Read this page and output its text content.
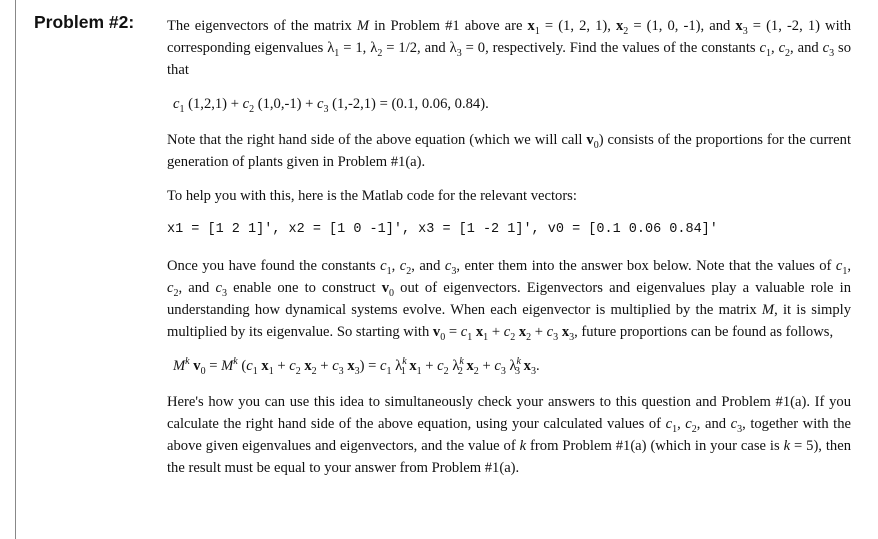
Problem #2: The eigenvectors of the matrix M in Problem #1 above are $x_1 = (1$, 2, 1), $x_2 = (1$, 0, -1), and $x_3 = (1$, -2, 1) with corresponding eigenvalues $\lambda_1 = 1$, $\lambda_2 = 1/2$, and $\lambda_3 = 0$, respectively. Find the values of the constants $c_1$, $c_2$, and $c_3$ so that
$c_1$ $(1,2,1) + c_2$ $(1,0,-1) + c_3$ (1,-2,1) = (0.1, 0.06, 0.84).
Note that the right hand side of the above equation (which we will call $v_0$) consists of the proportions for the current generation of plants given in Problem #1(a).
To help you with this, here is the Matlab code for the relevant vectors:
x1 = [1 2 1]', x2 = [1 0 -1]', x3 = [1 -2 1]', v0 = [0.1 0.06 0.84]'
Once you have found the constants $c_1$, $c_2$, and $c_3$, enter them into the answer box below. Note that the values of $c_1$, $c_2$, and $c_3$ enable one to construct $v_0$ out of eigenvectors. Eigenvectors and eigenvalues play a valuable role in understanding how dynamical systems evolve. When each eigenvector is multiplied by the matrix M, it is simply multiplied by its eigenvalue. So starting with $v_0 = c_1$ $x_1 + c_2$ $x_2 + c_3$ $x_3$, future proportions can be found as follows,
$M^k$ $v_0 = M^k$ ($c_1$ $x_1 + c_2$ $x_2 + c_3$ $x_3) = c_1$ $\lambda^k_1$ $x_1 + c_2$ $\lambda^k_2$ $x_2 + c_3$ $\lambda^k_3$ $x_3$.
Here's how you can use this idea to simultaneously check your answers to this question and Problem #1(a). If you calculate the right hand side of the above equation, using your calculated values of $c_1$, $c_2$, and $c_3$, together with the above given eigenvalues and eigenvectors, and the value of k from Problem #1(a) (which in your case is k = 5), then the result must be equal to your answer from Problem #1(a).
